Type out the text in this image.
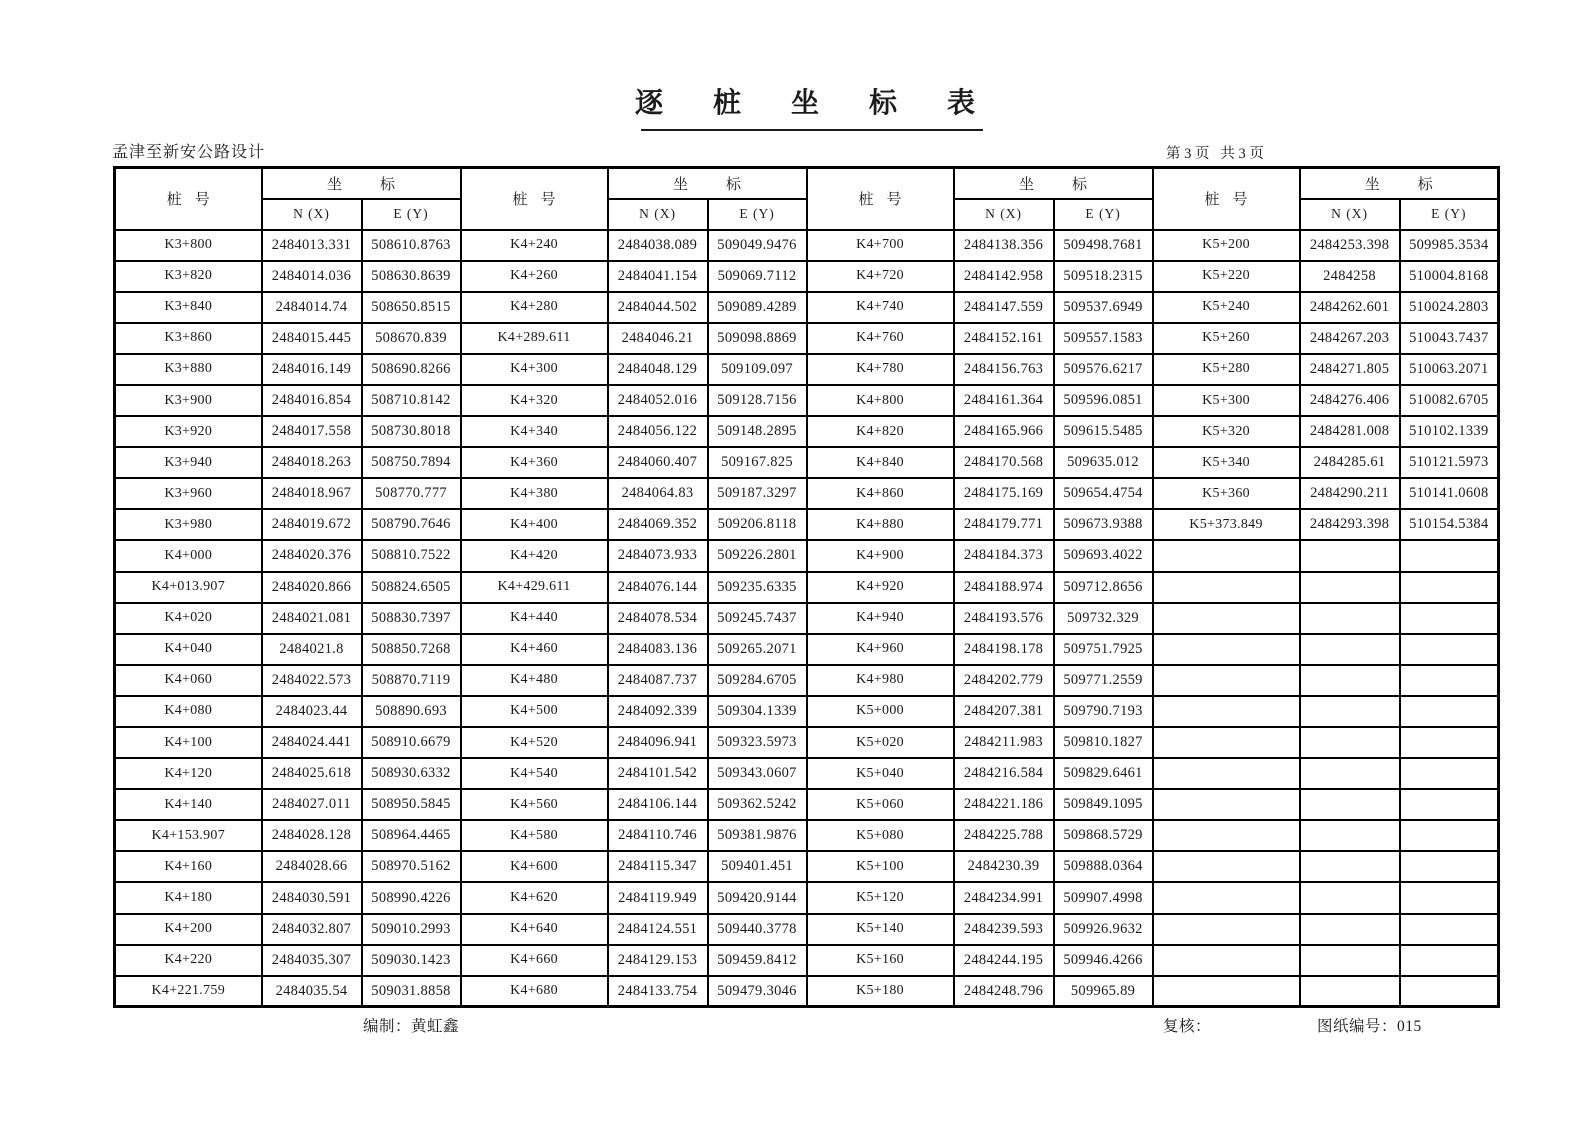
逐桩坐标表
孟津至新安公路设计	第 3 页   共 3 页
桩号	坐标		桩号	坐标		桩号	坐标		桩号	坐标	
	N (X)	E (Y)		N (X)	E (Y)		N (X)	E (Y)		N (X)	E (Y)
K3+800	2484013.331	508610.8763	K4+240	2484038.089	509049.9476	K4+700	2484138.356	509498.7681	K5+200	2484253.398	509985.3534
K3+820	2484014.036	508630.8639	K4+260	2484041.154	509069.7112	K4+720	2484142.958	509518.2315	K5+220	2484258	510004.8168
K3+840	2484014.74	508650.8515	K4+280	2484044.502	509089.4289	K4+740	2484147.559	509537.6949	K5+240	2484262.601	510024.2803
K3+860	2484015.445	508670.839	K4+289.611	2484046.21	509098.8869	K4+760	2484152.161	509557.1583	K5+260	2484267.203	510043.7437
K3+880	2484016.149	508690.8266	K4+300	2484048.129	509109.097	K4+780	2484156.763	509576.6217	K5+280	2484271.805	510063.2071
K3+900	2484016.854	508710.8142	K4+320	2484052.016	509128.7156	K4+800	2484161.364	509596.0851	K5+300	2484276.406	510082.6705
K3+920	2484017.558	508730.8018	K4+340	2484056.122	509148.2895	K4+820	2484165.966	509615.5485	K5+320	2484281.008	510102.1339
K3+940	2484018.263	508750.7894	K4+360	2484060.407	509167.825	K4+840	2484170.568	509635.012	K5+340	2484285.61	510121.5973
K3+960	2484018.967	508770.777	K4+380	2484064.83	509187.3297	K4+860	2484175.169	509654.4754	K5+360	2484290.211	510141.0608
K3+980	2484019.672	508790.7646	K4+400	2484069.352	509206.8118	K4+880	2484179.771	509673.9388	K5+373.849	2484293.398	510154.5384
K4+000	2484020.376	508810.7522	K4+420	2484073.933	509226.2801	K4+900	2484184.373	509693.4022			
K4+013.907	2484020.866	508824.6505	K4+429.611	2484076.144	509235.6335	K4+920	2484188.974	509712.8656			
K4+020	2484021.081	508830.7397	K4+440	2484078.534	509245.7437	K4+940	2484193.576	509732.329			
K4+040	2484021.8	508850.7268	K4+460	2484083.136	509265.2071	K4+960	2484198.178	509751.7925			
K4+060	2484022.573	508870.7119	K4+480	2484087.737	509284.6705	K4+980	2484202.779	509771.2559			
K4+080	2484023.44	508890.693	K4+500	2484092.339	509304.1339	K5+000	2484207.381	509790.7193			
K4+100	2484024.441	508910.6679	K4+520	2484096.941	509323.5973	K5+020	2484211.983	509810.1827			
K4+120	2484025.618	508930.6332	K4+540	2484101.542	509343.0607	K5+040	2484216.584	509829.6461			
K4+140	2484027.011	508950.5845	K4+560	2484106.144	509362.5242	K5+060	2484221.186	509849.1095			
K4+153.907	2484028.128	508964.4465	K4+580	2484110.746	509381.9876	K5+080	2484225.788	509868.5729			
K4+160	2484028.66	508970.5162	K4+600	2484115.347	509401.451	K5+100	2484230.39	509888.0364			
K4+180	2484030.591	508990.4226	K4+620	2484119.949	509420.9144	K5+120	2484234.991	509907.4998			
K4+200	2484032.807	509010.2993	K4+640	2484124.551	509440.3778	K5+140	2484239.593	509926.9632			
K4+220	2484035.307	509030.1423	K4+660	2484129.153	509459.8412	K5+160	2484244.195	509946.4266			
K4+221.759	2484035.54	509031.8858	K4+680	2484133.754	509479.3046	K5+180	2484248.796	509965.89			
编制：黄虹鑫	复核：	图纸编号：015
